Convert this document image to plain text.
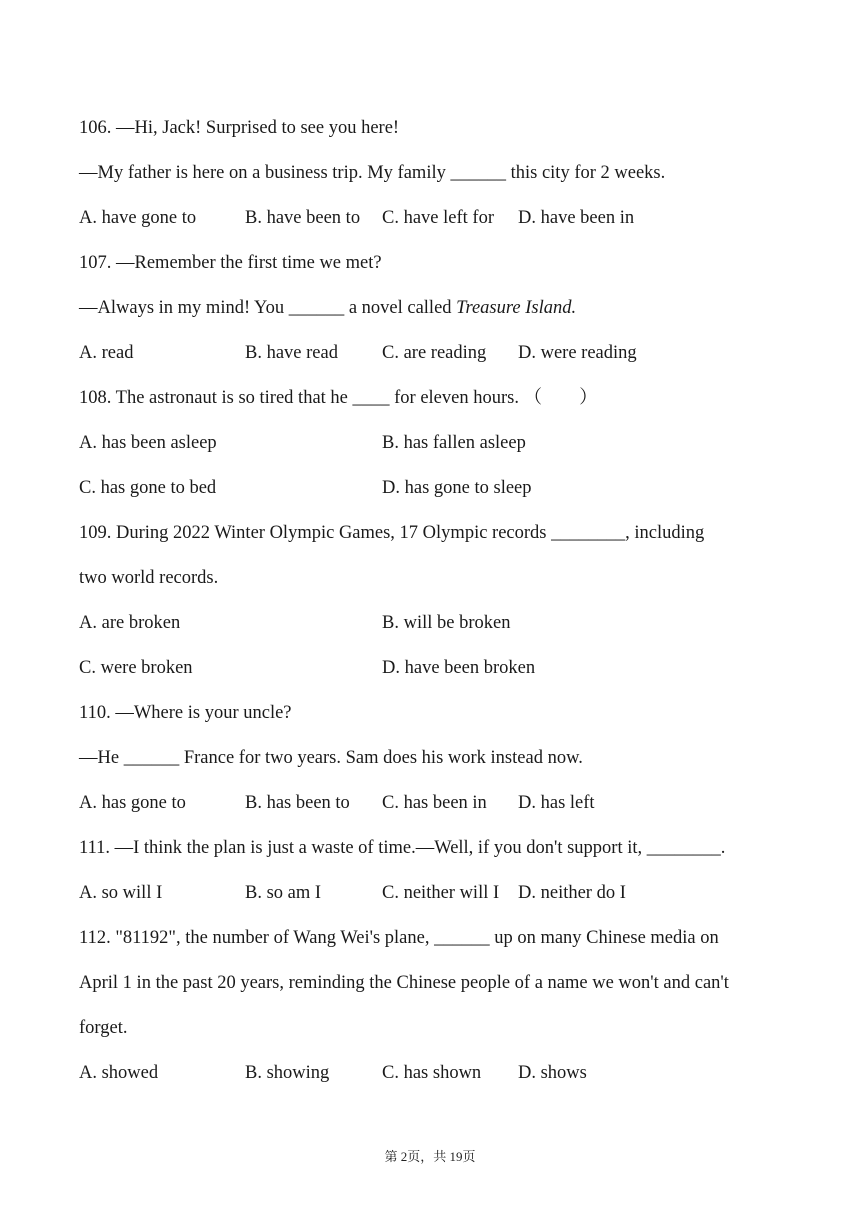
106. —Hi, Jack! Surprised to see you here!
—My father is here on a business trip. My family ______ this city for 2 weeks.
A. have gone to	B. have been to C. have left for D. have been in
107. —Remember the first time we met?
—Always in my mind! You ______ a novel called Treasure Island.
A. read	B. have read C. are reading D. were reading
108. The astronaut is so tired that he ____ for eleven hours. （　　）
A. has been asleep	B. has fallen asleep
C. has gone to bed	D. has gone to sleep
109. During 2022 Winter Olympic Games, 17 Olympic records ________, including
two world records.
A. are broken	B. will be broken
C. were broken	D. have been broken
110. —Where is your uncle?
—He ______ France for two years. Sam does his work instead now.
A. has gone to	B. has been to C. has been in D. has left
111. —I think the plan is just a waste of time.—Well, if you don't support it, ________.
A. so will I	B. so am I	C. neither will I D. neither do I
112. "81192", the number of Wang Wei's plane, ______ up on many Chinese media on
April 1 in the past 20 years, reminding the Chinese people of a name we won't and can't
forget.
A. showed	B. showing	C. has shown D. shows
第 2页，共 19页
